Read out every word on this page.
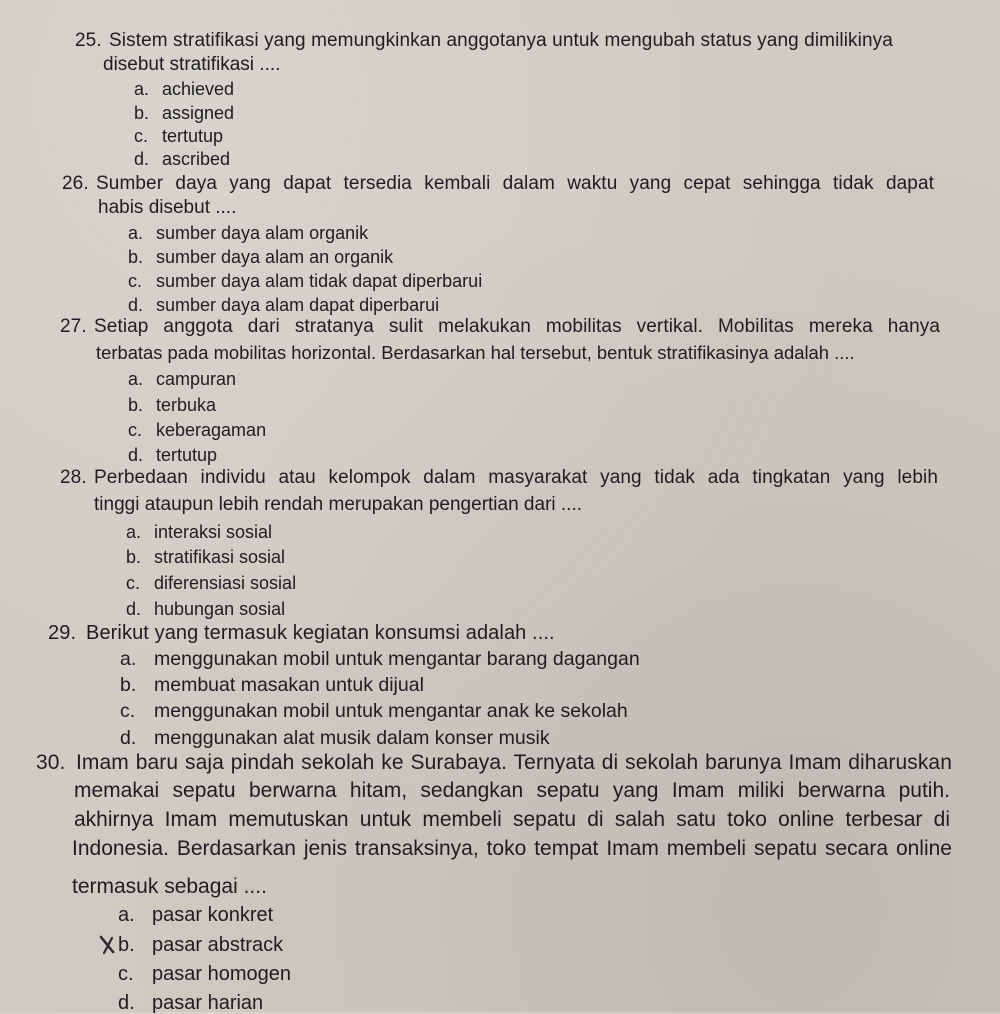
25. Sistem stratifikasi yang memungkinkan anggotanya untuk mengubah status yang dimilikinya
disebut stratifikasi ....
a. achieved
b. assigned
c. tertutup
d. ascribed
26. Sumber daya yang dapat tersedia kembali dalam waktu yang cepat sehingga tidak dapat
habis disebut ....
a. sumber daya alam organik
b. sumber daya alam an organik
c. sumber daya alam tidak dapat diperbarui
d. sumber daya alam dapat diperbarui
27. Setiap anggota dari stratanya sulit melakukan mobilitas vertikal. Mobilitas mereka hanya
terbatas pada mobilitas horizontal. Berdasarkan hal tersebut, bentuk stratifikasinya adalah ....
a. campuran
b. terbuka
c. keberagaman
d. tertutup
28. Perbedaan individu atau kelompok dalam masyarakat yang tidak ada tingkatan yang lebih
tinggi ataupun lebih rendah merupakan pengertian dari ....
a. interaksi sosial
b. stratifikasi sosial
c. diferensiasi sosial
d. hubungan sosial
29. Berikut yang termasuk kegiatan konsumsi adalah ....
a. menggunakan mobil untuk mengantar barang dagangan
b. membuat masakan untuk dijual
c. menggunakan mobil untuk mengantar anak ke sekolah
d. menggunakan alat musik dalam konser musik
30. Imam baru saja pindah sekolah ke Surabaya. Ternyata di sekolah barunya Imam diharuskan
memakai sepatu berwarna hitam, sedangkan sepatu yang Imam miliki berwarna putih.
akhirnya Imam memutuskan untuk membeli sepatu di salah satu toko online terbesar di
Indonesia. Berdasarkan jenis transaksinya, toko tempat Imam membeli sepatu secara online
termasuk sebagai ....
a. pasar konkret
b. pasar abstrack
c. pasar homogen
d. pasar harian
